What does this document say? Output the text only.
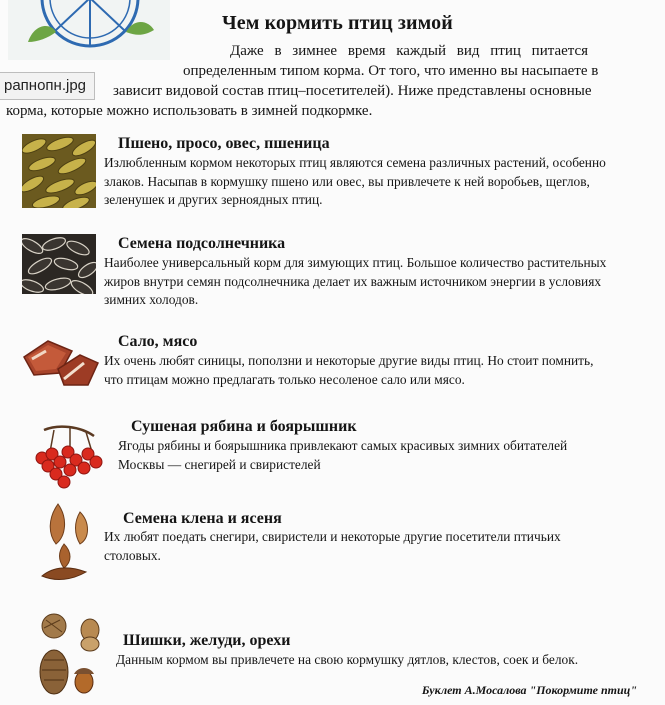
Чем кормить птиц зимой
Даже в зимнее время каждый вид птиц питается
определенным типом корма. От того, что именно вы насыпаете в
зависит видовой состав птиц–посетителей). Ниже представлены основные
корма, которые можно использовать в зимней подкормке.
рапнопн.jpg
Пшено, просо, овес, пшеница
Излюбленным кормом некоторых птиц являются семена различных растений, особенно
злаков. Насыпав в кормушку пшено или овес, вы привлечете к ней воробьев, щеглов,
зеленушек и других зерноядных птиц.
Семена подсолнечника
Наиболее универсальный корм для зимующих птиц. Большое количество растительных
жиров внутри семян подсолнечника делает их важным источником энергии в условиях
зимних холодов.
Сало, мясо
Их очень любят синицы, поползни и некоторые другие виды птиц. Но стоит помнить,
что птицам можно предлагать только несоленое сало или мясо.
Сушеная рябина и боярышник
Ягоды рябины и боярышника привлекают самых красивых зимних обитателей
Москвы — снегирей и свиристелей
Семена клена и ясеня
Их любят поедать снегири, свиристели и некоторые другие посетители птичьих
столовых.
Шишки, желуди, орехи
Данным кормом вы привлечете на свою кормушку дятлов, клестов, соек и белок.
Буклет А.Мосалова "Покормите птиц"
